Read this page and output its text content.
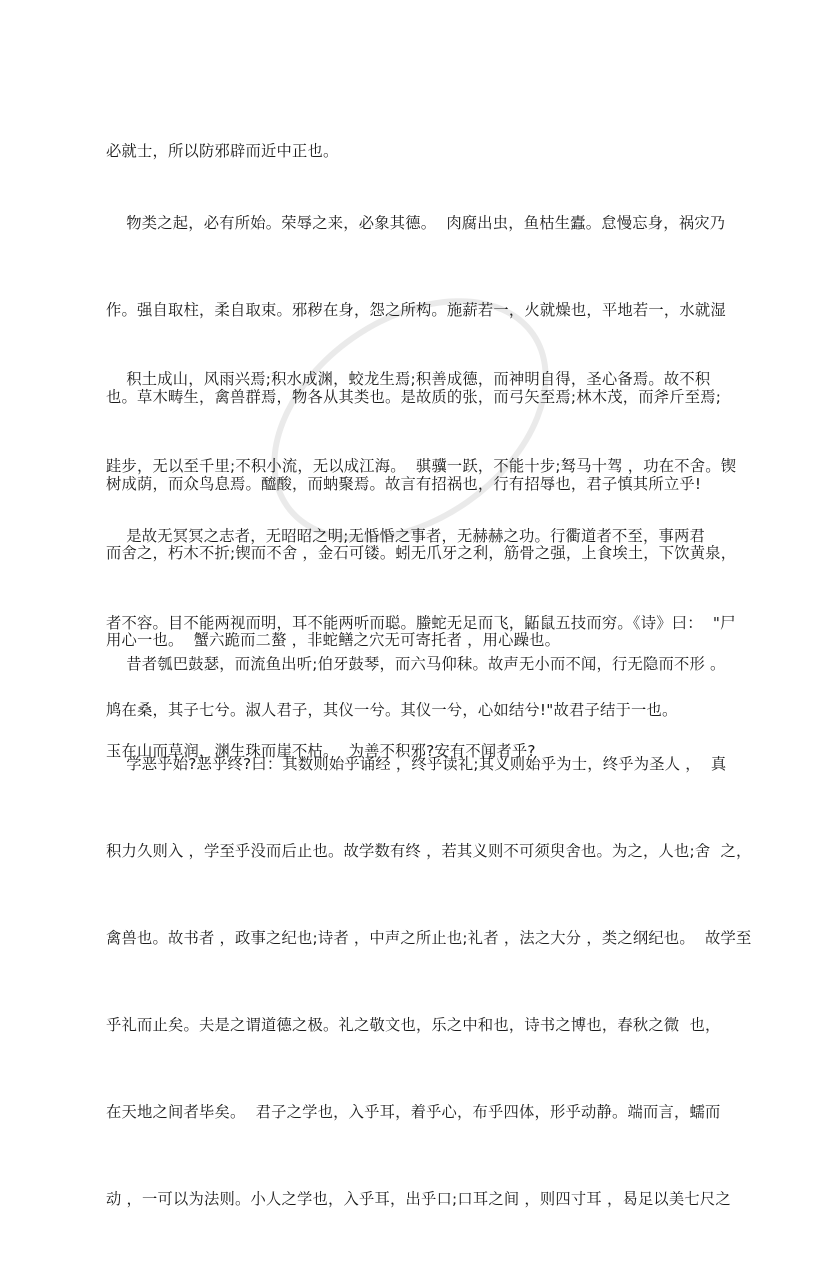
必就士，所以防邪辟而近中正也。

物类之起，必有所始。荣辱之来，必象其德。  肉腐出虫，鱼枯生蠹。怠慢忘身，祸灾乃

作。强自取柱，柔自取束。邪秽在身，怨之所构。施薪若一，火就燥也，平地若一，水就湿

也。草木畴生，禽兽群焉，物各从其类也。是故质的张，而弓矢至焉;林木茂，而斧斤至焉;

树成荫，而众鸟息焉。醯酸，而蚋聚焉。故言有招祸也，行有招辱也，君子慎其所立乎!

积土成山，风雨兴焉;积水成渊，蛟龙生焉;积善成德，而神明自得，圣心备焉。故不积

跬步，无以至千里;不积小流，无以成江海。  骐骥一跃，不能十步;驽马十驾 ，功在不舍。锲

而舍之，朽木不折;锲而不舍 ，金石可镂。蚓无爪牙之利，筋骨之强，上食埃土，下饮黄泉，

用心一也。  蟹六跪而二螯 ，非蛇鳝之穴无可寄托者 ，用心躁也。

是故无冥冥之志者，无昭昭之明;无惛惛之事者，无赫赫之功。行衢道者不至，事两君

者不容。目不能两视而明，耳不能两听而聪。螣蛇无足而飞，鼫鼠五技而穷。《诗》曰：  "尸

鸠在桑，其子七兮。淑人君子，其仪一兮。其仪一兮，心如结兮!"故君子结于一也。

昔者瓠巴鼓瑟，而流鱼出听;伯牙鼓琴，而六马仰秣。故声无小而不闻，行无隐而不形 。

玉在山而草润，渊生珠而崖不枯。  为善不积邪?安有不闻者乎?

学恶乎始?恶乎终?曰：其数则始乎诵经 ，终乎读礼;其义则始乎为士，终乎为圣人 ，  真

积力久则入 ，学至乎没而后止也。故学数有终 ，若其义则不可须臾舍也。为之，人也;舍  之，

禽兽也。故书者 ，政事之纪也;诗者 ，中声之所止也;礼者 ，法之大分 ，类之纲纪也。  故学至

乎礼而止矣。夫是之谓道德之极。礼之敬文也，乐之中和也，诗书之博也，春秋之微  也，

在天地之间者毕矣。  君子之学也，入乎耳，着乎心，布乎四体，形乎动静。端而言，蠕而

动 ，一可以为法则。小人之学也，入乎耳，出乎口;口耳之间 ，则四寸耳 ，曷足以美七尺之
